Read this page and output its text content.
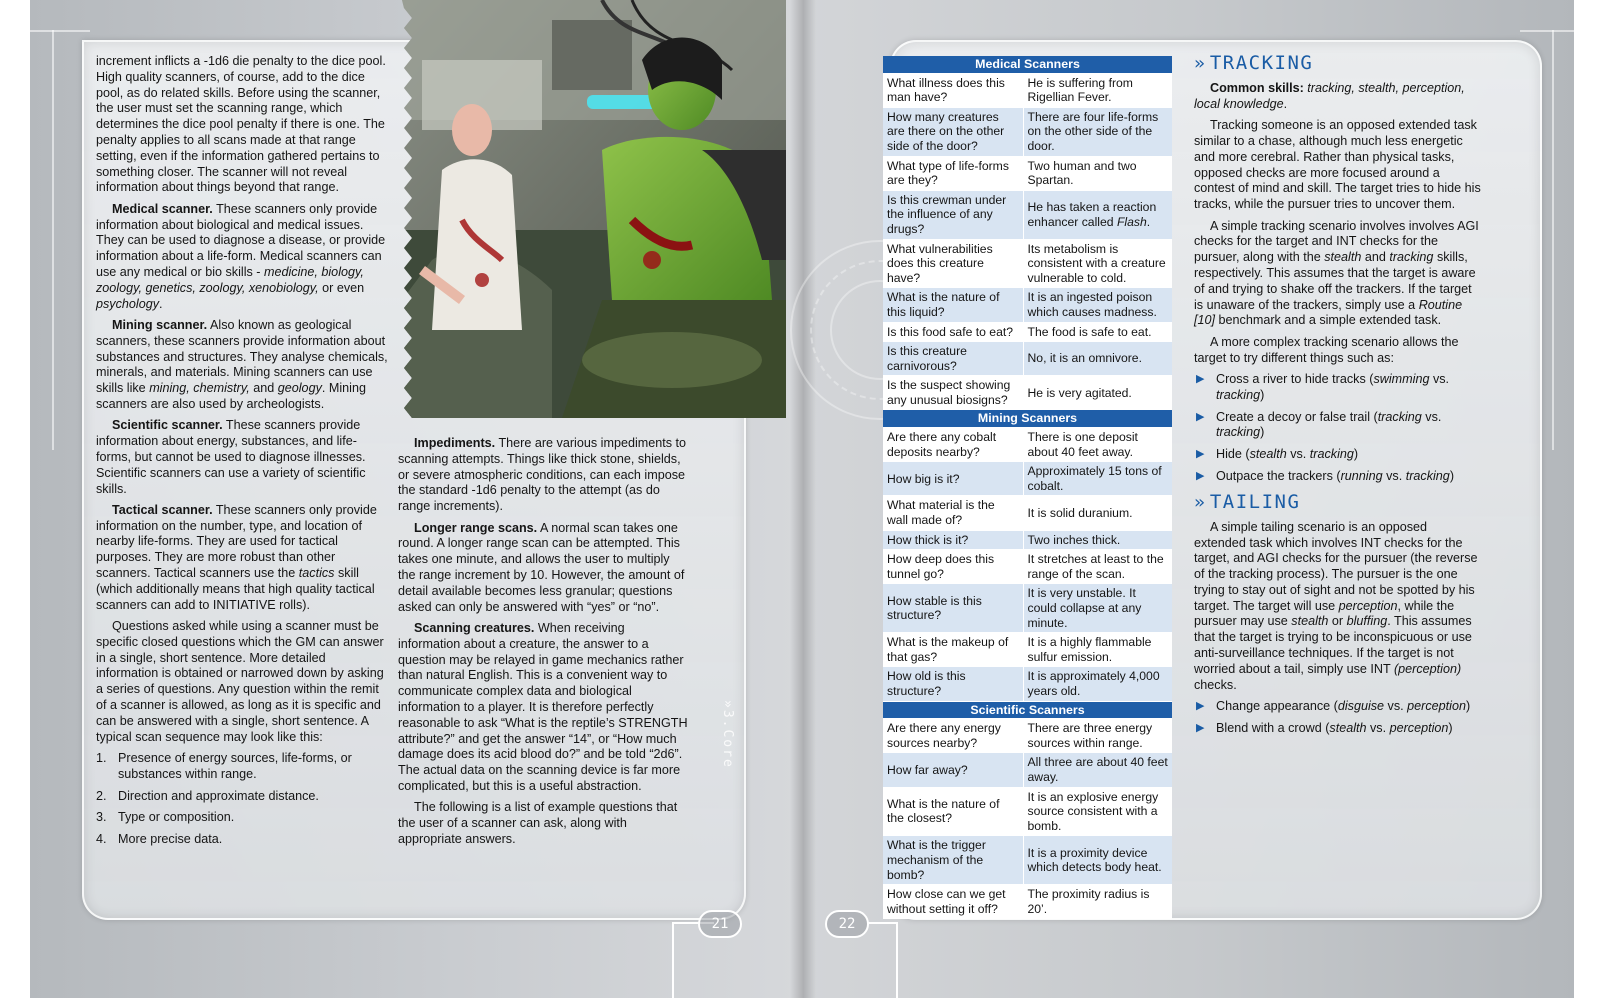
increment inflicts a -1d6 die penalty to the dice pool. High quality scanners, of course, add to the dice pool, as do related skills. Before using the scanner, the user must set the scanning range, which determines the dice pool penalty if there is one. The penalty applies to all scans made at that range setting, even if the information gathered pertains to something closer. The scanner will not reveal information about things beyond that range.

Medical scanner. These scanners only provide information about biological and medical issues. They can be used to diagnose a disease, or provide information about a life-form. Medical scanners can use any medical or bio skills - medicine, biology, zoology, genetics, zoology, xenobiology, or even psychology.

Mining scanner. Also known as geological scanners, these scanners provide information about substances and structures. They analyse chemicals, minerals, and materials. Mining scanners can use skills like mining, chemistry, and geology. Mining scanners are also used by archeologists.

Scientific scanner. These scanners provide information about energy, substances, and life-forms, but cannot be used to diagnose illnesses. Scientific scanners can use a variety of scientific skills.

Tactical scanner. These scanners only provide information on the number, type, and location of nearby life-forms. They are used for tactical purposes. They are more robust than other scanners. Tactical scanners use the tactics skill (which additionally means that high quality tactical scanners can add to INITIATIVE rolls).

Questions asked while using a scanner must be specific closed questions which the GM can answer in a single, short sentence. More detailed information is obtained or narrowed down by asking a series of questions. Any question within the remit of a scanner is allowed, as long as it is specific and can be answered with a single, short sentence. A typical scan sequence may look like this:

1. Presence of energy sources, life-forms, or substances within range.
2. Direction and approximate distance.
3. Type or composition.
4. More precise data.

Impediments. There are various impediments to scanning attempts. Things like thick stone, shields, or severe atmospheric conditions, can each impose the standard -1d6 penalty to the attempt (as do range increments).

Longer range scans. A normal scan takes one round. A longer range scan can be attempted. This takes one minute, and allows the user to multiply the range increment by 10. However, the amount of detail available becomes less granular; questions asked can only be answered with “yes” or “no”.

Scanning creatures. When receiving information about a creature, the answer to a question may be relayed in game mechanics rather than natural English. This is a convenient way to communicate complex data and biological information to a player. It is therefore perfectly reasonable to ask “What is the reptile’s STRENGTH attribute?” and get the answer “14”, or “How much damage does its acid blood do?” and be told “2d6”. The actual data on the scanning device is far more complicated, but this is a useful abstraction.

The following is a list of example questions that the user of a scanner can ask, along with appropriate answers.

»3.Core
21	22
Medical Scanners	
What illness does this man have?	He is suffering from Rigellian Fever.
How many creatures are there on the other side of the door?	There are four life-forms on the other side of the door.
What type of life-forms are they?	Two human and two Spartan.
Is this crewman under the influence of any drugs?	He has taken a reaction enhancer called Flash.
What vulnerabilities does this creature have?	Its metabolism is consistent with a creature vulnerable to cold.
What is the nature of this liquid?	It is an ingested poison which causes madness.
Is this food safe to eat?	The food is safe to eat.
Is this creature carnivorous?	No, it is an omnivore.
Is the suspect showing any unusual biosigns?	He is very agitated.
Mining Scanners	
Are there any cobalt deposits nearby?	There is one deposit about 40 feet away.
How big is it?	Approximately 15 tons of cobalt.
What material is the wall made of?	It is solid duranium.
How thick is it?	Two inches thick.
How deep does this tunnel go?	It stretches at least to the range of the scan.
How stable is this structure?	It is very unstable. It could collapse at any minute.
What is the makeup of that gas?	It is a highly flammable sulfur emission.
How old is this structure?	It is approximately 4,000 years old.
Scientific Scanners	
Are there any energy sources nearby?	There are three energy sources within range.
How far away?	All three are about 40 feet away.
What is the nature of the closest?	It is an explosive energy source consistent with a bomb.
What is the trigger mechanism of the bomb?	It is a proximity device which detects body heat.
How close can we get without setting it off?	The proximity radius is 20’.
» TRACKING

Common skills: tracking, stealth, perception, local knowledge.

Tracking someone is an opposed extended task similar to a chase, although much less energetic and more cerebral. Rather than physical tasks, opposed checks are more focused around a contest of mind and skill. The target tries to hide his tracks, while the pursuer tries to uncover them.

A simple tracking scenario involves involves AGI checks for the target and INT checks for the pursuer, along with the stealth and tracking skills, respectively. This assumes that the target is aware of and trying to shake off the trackers. If the target is unaware of the trackers, simply use a Routine [10] benchmark and a simple extended task.

A more complex tracking scenario allows the target to try different things such as:

▶ Cross a river to hide tracks (swimming vs. tracking)
▶ Create a decoy or false trail (tracking vs. tracking)
▶ Hide (stealth vs. tracking)
▶ Outpace the trackers (running vs. tracking)
» TAILING

A simple tailing scenario is an opposed extended task which involves INT checks for the target, and AGI checks for the pursuer (the reverse of the tracking process). The pursuer is the one trying to stay out of sight and not be spotted by his target. The target will use perception, while the pursuer may use stealth or bluffing. This assumes that the target is trying to be inconspicuous or use anti-surveillance techniques. If the target is not worried about a tail, simply use INT (perception) checks.

▶ Change appearance (disguise vs. perception)
▶ Blend with a crowd (stealth vs. perception)
